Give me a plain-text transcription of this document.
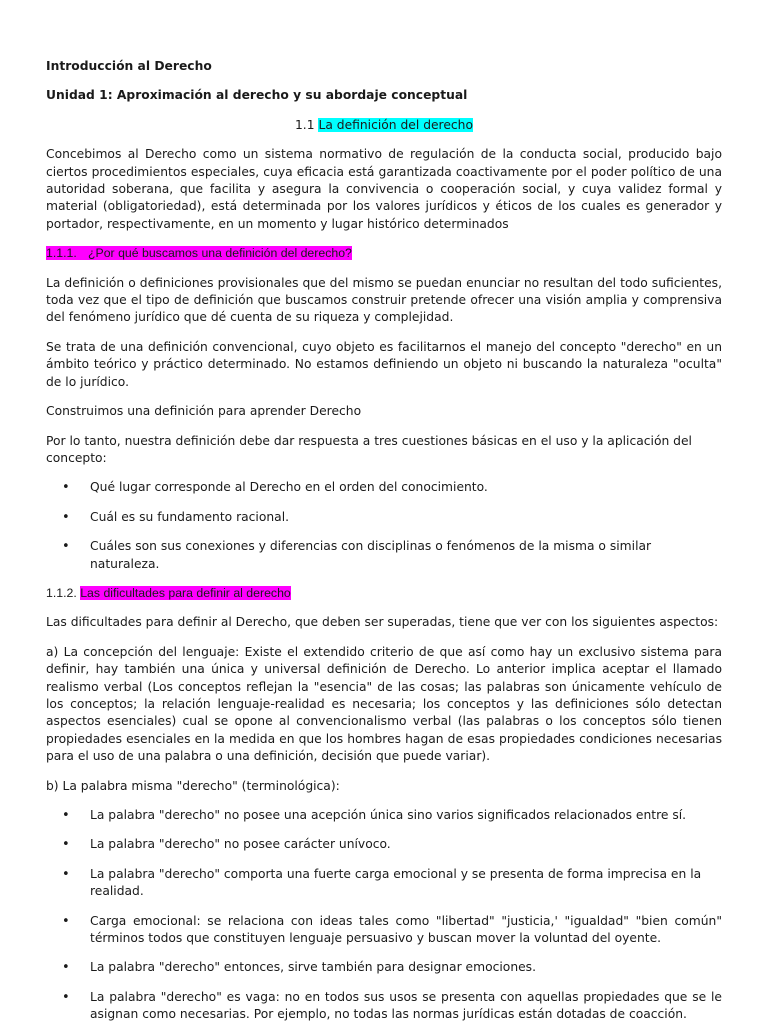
Introducción al Derecho

Unidad 1: Aproximación al derecho y su abordaje conceptual

1.1 La definición del derecho

Concebimos al Derecho como un sistema normativo de regulación de la conducta social, producido bajo ciertos procedimientos especiales, cuya eficacia está garantizada coactivamente por el poder político de una autoridad soberana, que facilita y asegura la convivencia o cooperación social, y cuya validez formal y material (obligatoriedad), está determinada por los valores jurídicos y éticos de los cuales es generador y portador, respectivamente, en un momento y lugar histórico determinados

1.1.1. ¿Por qué buscamos una definición del derecho?

La definición o definiciones provisionales que del mismo se puedan enunciar no resultan del todo suficientes, toda vez que el tipo de definición que buscamos construir pretende ofrecer una visión amplia y comprensiva del fenómeno jurídico que dé cuenta de su riqueza y complejidad.

Se trata de una definición convencional, cuyo objeto es facilitarnos el manejo del concepto "derecho" en un ámbito teórico y práctico determinado. No estamos definiendo un objeto ni buscando la naturaleza "oculta" de lo jurídico.

Construimos una definición para aprender Derecho

Por lo tanto, nuestra definición debe dar respuesta a tres cuestiones básicas en el uso y la aplicación del concepto:

• Qué lugar corresponde al Derecho en el orden del conocimiento.
• Cuál es su fundamento racional.
• Cuáles son sus conexiones y diferencias con disciplinas o fenómenos de la misma o similar naturaleza.

1.1.2. Las dificultades para definir al derecho

Las dificultades para definir al Derecho, que deben ser superadas, tiene que ver con los siguientes aspectos:

a) La concepción del lenguaje: Existe el extendido criterio de que así como hay un exclusivo sistema para definir, hay también una única y universal definición de Derecho. Lo anterior implica aceptar el llamado realismo verbal (Los conceptos reflejan la "esencia" de las cosas; las palabras son únicamente vehículo de los conceptos; la relación lenguaje-realidad es necesaria; los conceptos y las definiciones sólo detectan aspectos esenciales) cual se opone al convencionalismo verbal (las palabras o los conceptos sólo tienen propiedades esenciales en la medida en que los hombres hagan de esas propiedades condiciones necesarias para el uso de una palabra o una definición, decisión que puede variar).

b) La palabra misma "derecho" (terminológica):

• La palabra "derecho" no posee una acepción única sino varios significados relacionados entre sí.
• La palabra "derecho" no posee carácter unívoco.
• La palabra "derecho" comporta una fuerte carga emocional y se presenta de forma imprecisa en la realidad.
• Carga emocional: se relaciona con ideas tales como "libertad" "justicia,' "igualdad" "bien común" términos todos que constituyen lenguaje persuasivo y buscan mover la voluntad del oyente.
• La palabra "derecho" entonces, sirve también para designar emociones.
• La palabra "derecho" es vaga: no en todos sus usos se presenta con aquellas propiedades que se le asignan como necesarias. Por ejemplo, no todas las normas jurídicas están dotadas de coacción.
